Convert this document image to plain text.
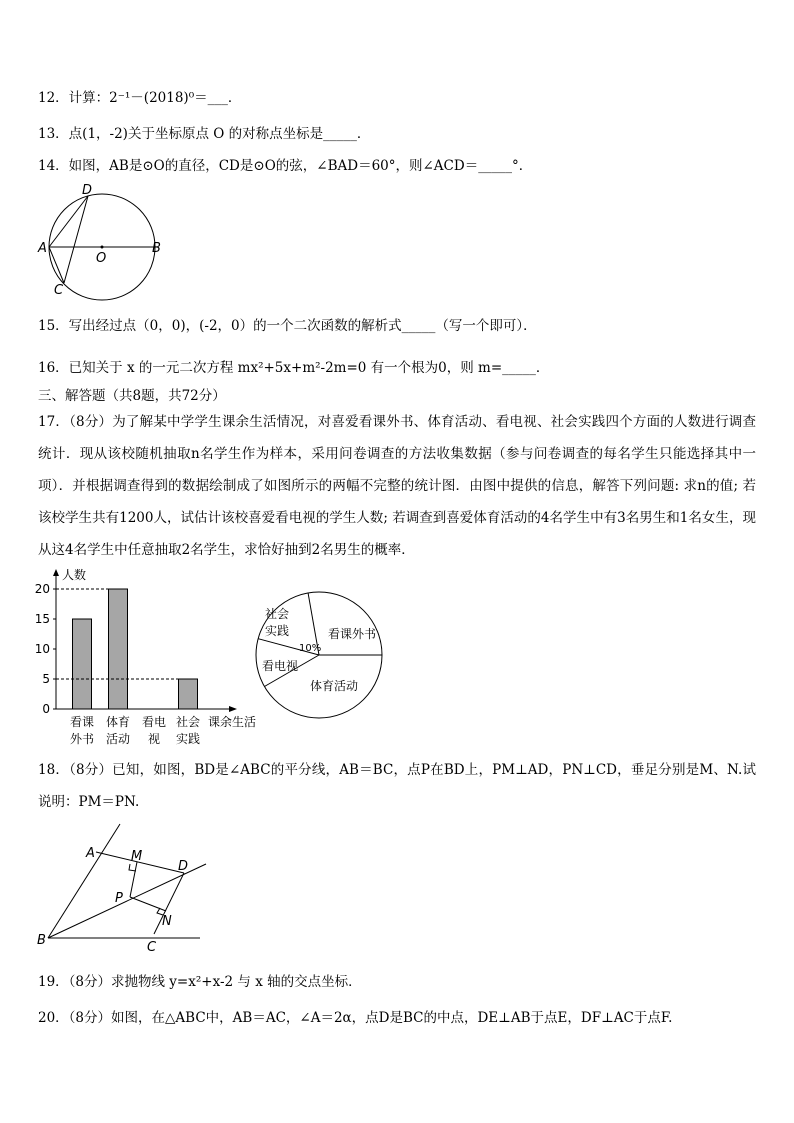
12．计算：2⁻¹－(2018)⁰＝___．
13．点(1，-2)关于坐标原点 O 的对称点坐标是_____．
14．如图，AB是⊙O的直径，CD是⊙O的弦，∠BAD＝60°，则∠ACD＝_____°．
D
A	B
O
C
15．写出经过点（0，0)，(-2，0）的一个二次函数的解析式_____（写一个即可）．
16．已知关于 x 的一元二次方程 mx²+5x+m²-2m=0 有一个根为0，则 m=_____．
三、解答题（共8题，共72分）
17．（8分）为了解某中学学生课余生活情况，对喜爱看课外书、体育活动、看电视、社会实践四个方面的人数进行调查统计．现从该校随机抽取n名学生作为样本，采用问卷调查的方法收集数据（参与问卷调查的每名学生只能选择其中一项）．并根据调查得到的数据绘制成了如图所示的两幅不完整的统计图．由图中提供的信息，解答下列问题: 求n的值; 若该校学生共有1200人，试估计该校喜爱看电视的学生人数; 若调查到喜爱体育活动的4名学生中有3名男生和1名女生，现从这4名学生中任意抽取2名学生，求恰好抽到2名男生的概率．
人数
课余生活
0
5
10
15
20
看课
外书
体育
活动
看电
视
社会
实践
社会
实践	看课外书
看电视
体育活动
10%
18．（8分）已知，如图，BD是∠ABC的平分线，AB＝BC，点P在BD上，PM⊥AD，PN⊥CD，垂足分别是M、N.试说明：PM＝PN.
A	M
D
P
N
B	C
19．（8分）求抛物线 y=x²+x-2 与 x 轴的交点坐标．
20．（8分）如图，在△ABC中，AB＝AC，∠A＝2α，点D是BC的中点，DE⊥AB于点E，DF⊥AC于点F.
